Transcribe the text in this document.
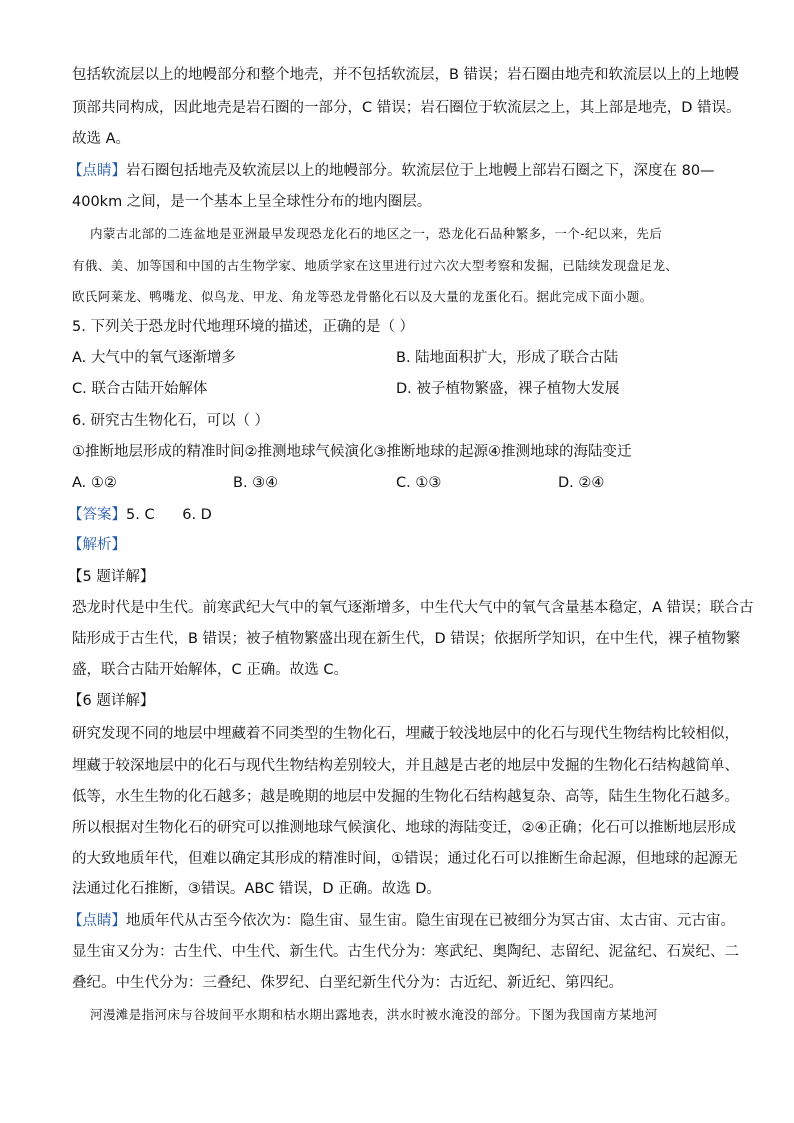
包括软流层以上的地幔部分和整个地壳，并不包括软流层，B 错误；岩石圈由地壳和软流层以上的上地幔
顶部共同构成，因此地壳是岩石圈的一部分，C 错误；岩石圈位于软流层之上，其上部是地壳，D 错误。
故选 A。
【点睛】岩石圈包括地壳及软流层以上的地幔部分。软流层位于上地幔上部岩石圈之下，深度在 80—
400km 之间，是一个基本上呈全球性分布的地内圈层。
内蒙古北部的二连盆地是亚洲最早发现恐龙化石的地区之一，恐龙化石品种繁多，一个-纪以来，先后
有俄、美、加等国和中国的古生物学家、地质学家在这里进行过六次大型考察和发掘，已陆续发现盘足龙、
欧氏阿莱龙、鸭嘴龙、似鸟龙、甲龙、角龙等恐龙骨骼化石以及大量的龙蛋化石。据此完成下面小题。
5. 下列关于恐龙时代地理环境的描述，正确的是（ ）
A. 大气中的氧气逐渐增多	B. 陆地面积扩大，形成了联合古陆
C. 联合古陆开始解体	D. 被子植物繁盛，裸子植物大发展
6. 研究古生物化石，可以（ ）
①推断地层形成的精准时间②推测地球气候演化③推断地球的起源④推测地球的海陆变迁
A. ①②	B. ③④	C. ①③	D. ②④
【答案】5. C      6. D
【解析】
【5 题详解】
恐龙时代是中生代。前寒武纪大气中的氧气逐渐增多，中生代大气中的氧气含量基本稳定，A 错误；联合古
陆形成于古生代，B 错误；被子植物繁盛出现在新生代，D 错误；依据所学知识，在中生代，裸子植物繁
盛，联合古陆开始解体，C 正确。故选 C。
【6 题详解】
研究发现不同的地层中埋藏着不同类型的生物化石，埋藏于较浅地层中的化石与现代生物结构比较相似，
埋藏于较深地层中的化石与现代生物结构差别较大，并且越是古老的地层中发掘的生物化石结构越简单、
低等，水生生物的化石越多；越是晚期的地层中发掘的生物化石结构越复杂、高等，陆生生物化石越多。
所以根据对生物化石的研究可以推测地球气候演化、地球的海陆变迁，②④正确；化石可以推断地层形成
的大致地质年代，但难以确定其形成的精准时间，①错误；通过化石可以推断生命起源，但地球的起源无
法通过化石推断，③错误。ABC 错误，D 正确。故选 D。
【点睛】地质年代从古至今依次为：隐生宙、显生宙。隐生宙现在已被细分为冥古宙、太古宙、元古宙。
显生宙又分为：古生代、中生代、新生代。古生代分为：寒武纪、奥陶纪、志留纪、泥盆纪、石炭纪、二
叠纪。中生代分为：三叠纪、侏罗纪、白垩纪新生代分为：古近纪、新近纪、第四纪。
河漫滩是指河床与谷坡间平水期和枯水期出露地表，洪水时被水淹没的部分。下图为我国南方某地河
